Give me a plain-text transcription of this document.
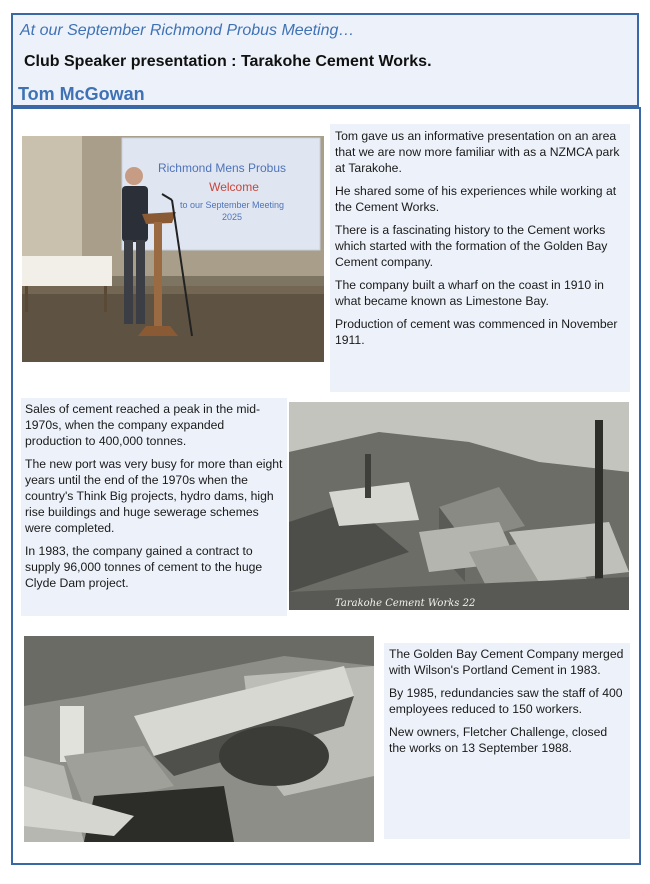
At our September Richmond Probus Meeting…
Club Speaker presentation : Tarakohe Cement Works.
Tom McGowan
Richmond Mens Probus
Welcome
to our September Meeting
2025

Tom gave us an informative presentation on an area that we are now more familiar with as a NZMCA park at Tarakohe.

He shared some of his experiences while working at the Cement Works.

There is a fascinating history to the Cement works which started with the formation of the Golden Bay Cement company.

The company built a wharf on the coast in 1910 in what became known as Limestone Bay.

Production of cement was commenced in November 1911.

Sales of cement reached a peak in the mid-1970s, when the company expanded production to 400,000 tonnes.

The new port was very busy for more than eight years until the end of the 1970s when the country's Think Big projects, hydro dams, high rise buildings and huge sewerage schemes were completed.

In 1983, the company gained a contract to supply 96,000 tonnes of cement to the huge Clyde Dam project.

Tarakohe Cement Works 22

The Golden Bay Cement Company merged with Wilson's Portland Cement in 1983.

By 1985, redundancies saw the staff of 400 employees reduced to 150 workers.

New owners, Fletcher Challenge, closed the works on 13 September 1988.
